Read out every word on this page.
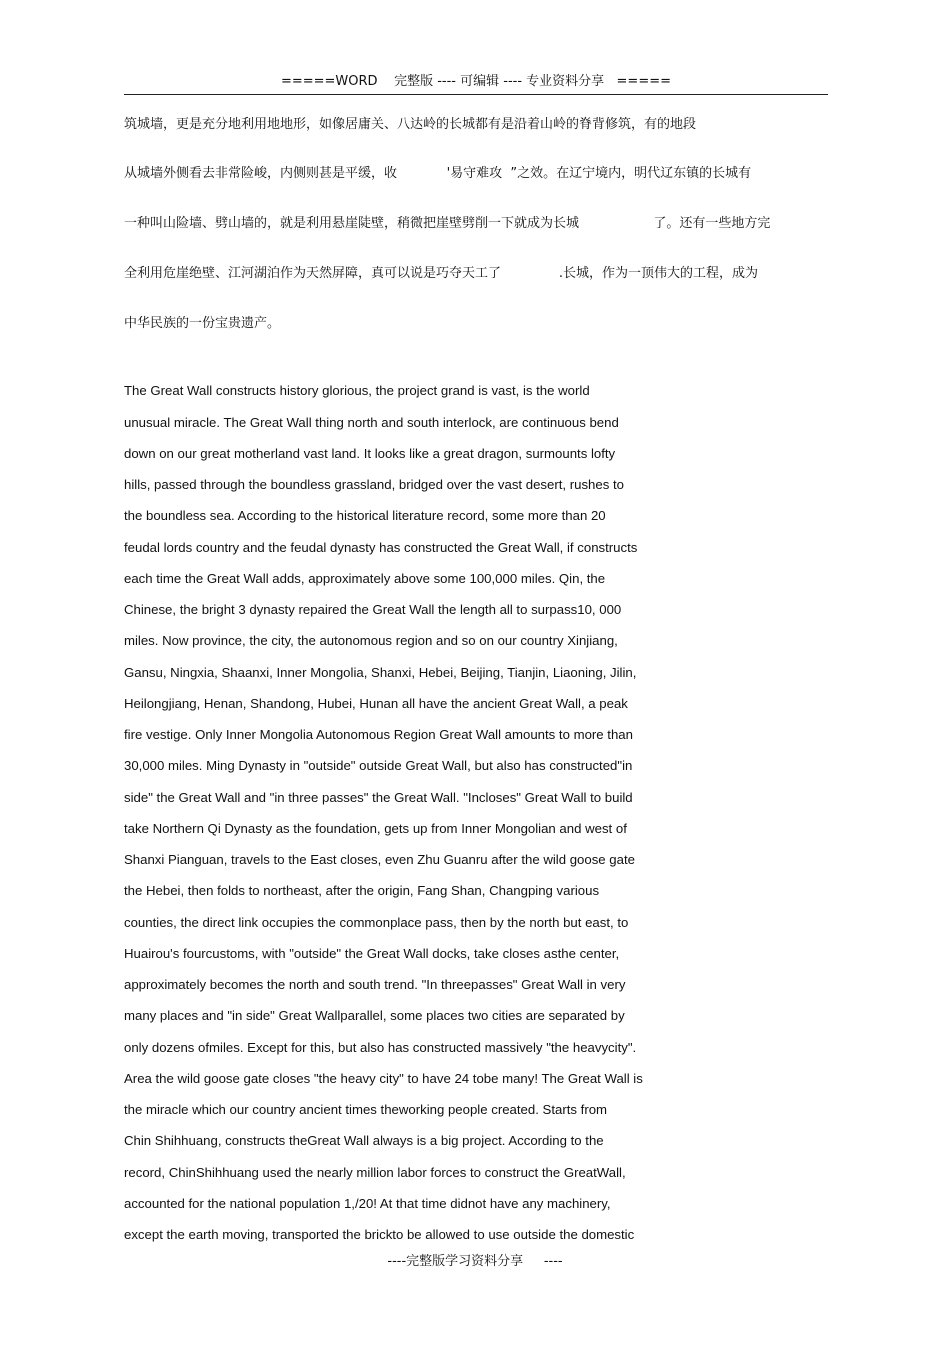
=====WORD    完整版 ---- 可编辑 ---- 专业资料分享   =====
筑城墙，更是充分地利用地地形，如像居庸关、八达岭的长城都有是沿着山岭的脊背修筑，有的地段
从城墙外侧看去非常险峻，内侧则甚是平缓，收            '易守难攻  ”之效。在辽宁境内，明代辽东镇的长城有
一种叫山险墙、劈山墙的，就是利用悬崖陡壁，稍微把崖壁劈削一下就成为长城                  了。还有一些地方完
全利用危崖绝壁、江河湖泊作为天然屏障，真可以说是巧夺天工了              .长城，作为一顶伟大的工程，成为
中华民族的一份宝贵遗产。
The Great Wall constructs history glorious, the project grand is vast, is the world
unusual miracle. The Great Wall thing north and south interlock, are continuous bend
down on our great motherland vast land. It looks like a great dragon, surmounts lofty
hills, passed through the boundless grassland, bridged over the vast desert, rushes to
the boundless sea. According to the historical literature record, some more than 20
feudal lords country and the feudal dynasty has constructed the Great Wall, if constructs
each time the Great Wall adds, approximately above some 100,000 miles. Qin, the
Chinese, the bright 3 dynasty repaired the Great Wall the length all to surpass10, 000
miles. Now province, the city, the autonomous region and so on our country Xinjiang,
Gansu, Ningxia, Shaanxi, Inner Mongolia, Shanxi, Hebei, Beijing, Tianjin, Liaoning, Jilin,
Heilongjiang, Henan, Shandong, Hubei, Hunan all have the ancient Great Wall, a peak
fire vestige. Only Inner Mongolia Autonomous Region Great Wall amounts to more than
30,000 miles. Ming Dynasty in "outside" outside Great Wall, but also has constructed"in
side" the Great Wall and "in three passes" the Great Wall. "Incloses" Great Wall to build
take Northern Qi Dynasty as the foundation, gets up from Inner Mongolian and west of
Shanxi Pianguan, travels to the East closes, even Zhu Guanru after the wild goose gate
the Hebei, then folds to northeast, after the origin, Fang Shan, Changping various
counties, the direct link occupies the commonplace pass, then by the north but east, to
Huairou's fourcustoms, with "outside" the Great Wall docks, take closes asthe center,
approximately becomes the north and south trend. "In threepasses" Great Wall in very
many places and "in side" Great Wallparallel, some places two cities are separated by
only dozens ofmiles. Except for this, but also has constructed massively "the heavycity".
Area the wild goose gate closes "the heavy city" to have 24 tobe many! The Great Wall is
the miracle which our country ancient times theworking people created. Starts from
Chin Shihhuang, constructs theGreat Wall always is a big project. According to the
record, ChinShihhuang used the nearly million labor forces to construct the GreatWall,
accounted for the national population 1,/20! At that time didnot have any machinery,
except the earth moving, transported the brickto be allowed to use outside the domestic
----完整版学习资料分享     ----
